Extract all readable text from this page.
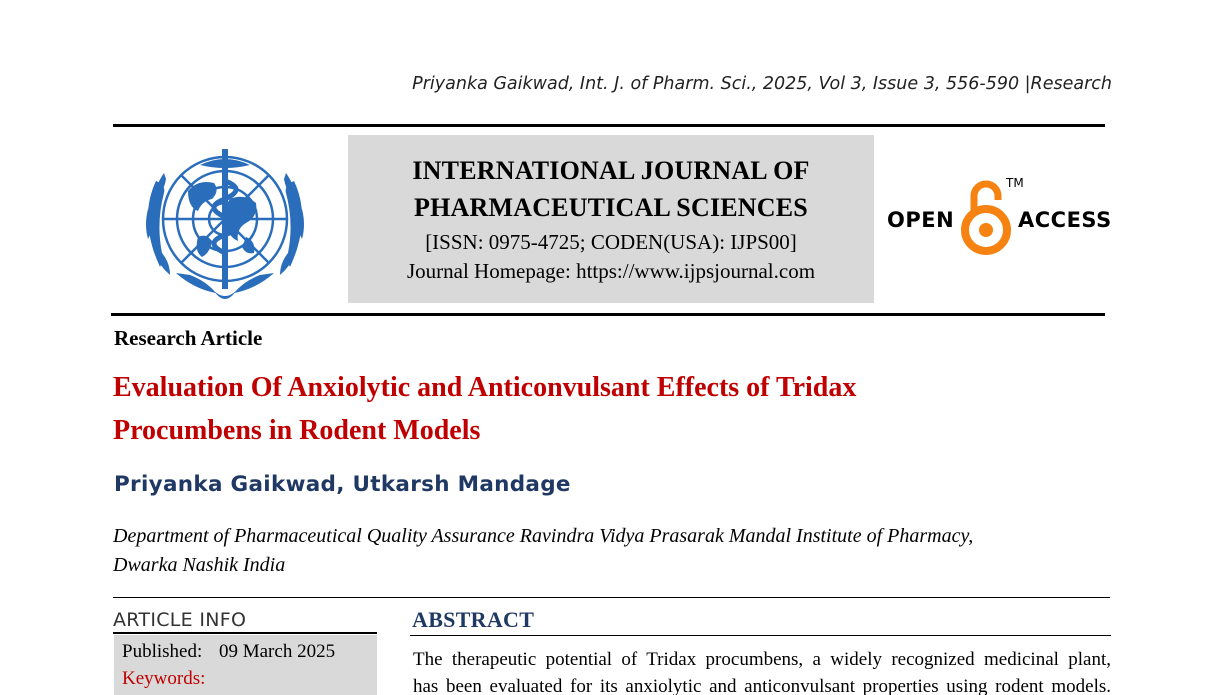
Priyanka Gaikwad, Int. J. of Pharm. Sci., 2025, Vol 3, Issue 3, 556-590 |Research
INTERNATIONAL JOURNAL OF
PHARMACEUTICAL SCIENCES
[ISSN: 0975-4725; CODEN(USA): IJPS00]
Journal Homepage: https://www.ijpsjournal.com
OPEN
TM
ACCESS
Research Article
Evaluation Of Anxiolytic and Anticonvulsant Effects of Tridax
Procumbens in Rodent Models
Priyanka Gaikwad, Utkarsh Mandage
Department of Pharmaceutical Quality Assurance Ravindra Vidya Prasarak Mandal Institute of Pharmacy,
Dwarka Nashik India
ARTICLE INFO
Published: 09 March 2025
Keywords:
ABSTRACT
The therapeutic potential of Tridax procumbens, a widely recognized medicinal plant,
has been evaluated for its anxiolytic and anticonvulsant properties using rodent models.
